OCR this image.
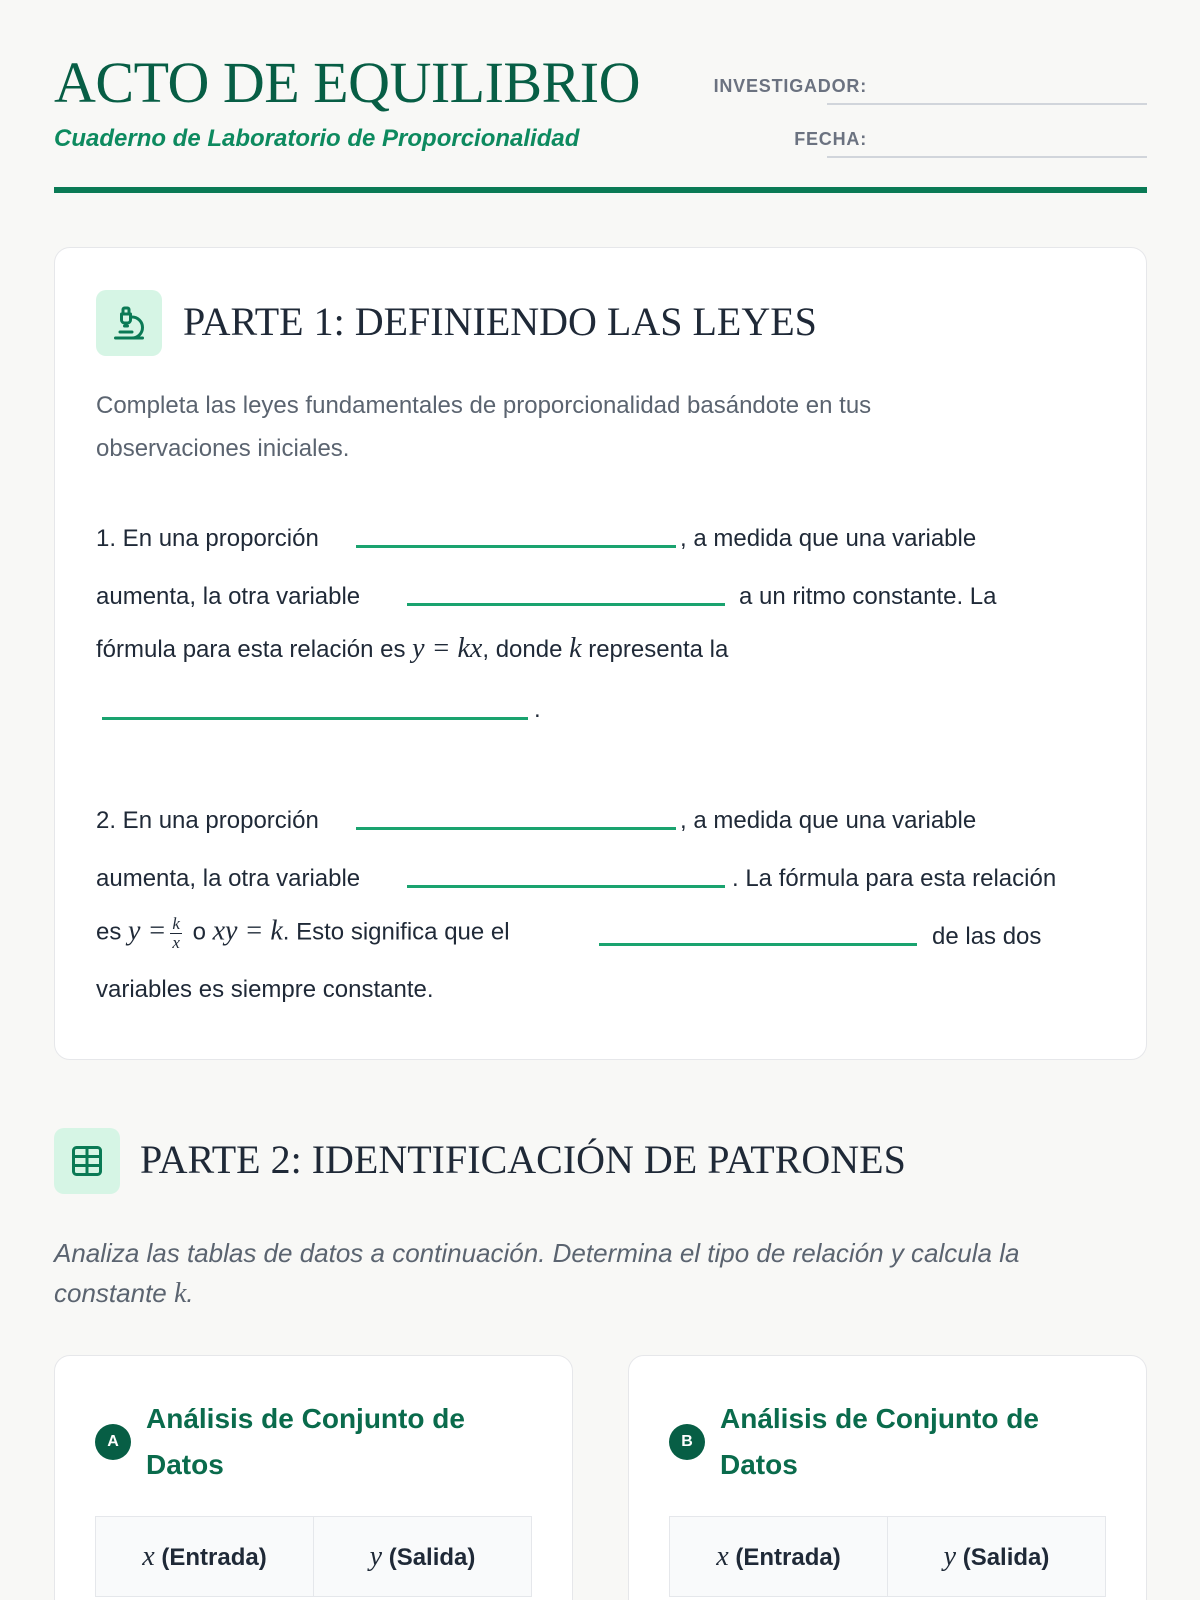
ACTO DE EQUILIBRIO
Cuaderno de Laboratorio de Proporcionalidad
INVESTIGADOR:
FECHA:
PARTE 1: DEFINIENDO LAS LEYES
Completa las leyes fundamentales de proporcionalidad basándote en tus observaciones iniciales.
1. En una proporción	, a medida que una variable
aumenta, la otra variable	a un ritmo constante. La
fórmula para esta relación es y = kx, donde k representa la
.
2. En una proporción	, a medida que una variable
aumenta, la otra variable	. La fórmula para esta relación
es $y = \frac{k}{x}$ o xy = k. Esto significa que el	de las dos
variables es siempre constante.
PARTE 2: IDENTIFICACIÓN DE PATRONES
Analiza las tablas de datos a continuación. Determina el tipo de relación y calcula la constante k.
A
Análisis de Conjunto de Datos
x (Entrada)	y (Salida)
B
Análisis de Conjunto de Datos
x (Entrada)	y (Salida)
